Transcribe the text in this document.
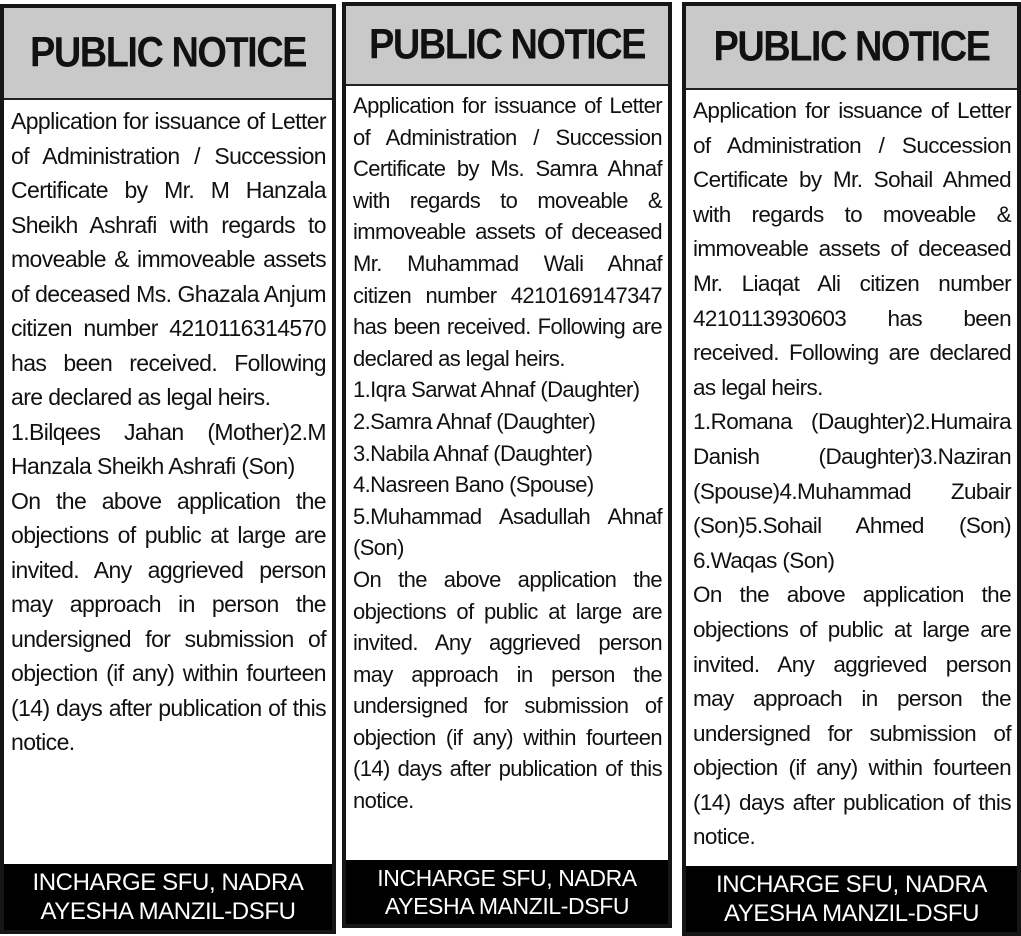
PUBLIC NOTICE

Application for issuance of Letter of Administration / Succession Certificate by Mr. M Hanzala Sheikh Ashrafi with regards to moveable & immoveable assets of deceased Ms. Ghazala Anjum citizen number 4210116314570 has been received. Following are declared as legal heirs.

1.Bilqees Jahan (Mother)2.M Hanzala Sheikh Ashrafi (Son)

On the above application the objections of public at large are invited. Any aggrieved person may approach in person the undersigned for submission of objection (if any) within fourteen (14) days after publication of this notice.

INCHARGE SFU, NADRA
AYESHA MANZIL-DSFU
PUBLIC NOTICE

Application for issuance of Letter of Administration / Succession Certificate by Ms. Samra Ahnaf with regards to moveable & immoveable assets of deceased Mr. Muhammad Wali Ahnaf citizen number 4210169147347 has been received. Following are declared as legal heirs.

1.Iqra Sarwat Ahnaf (Daughter)
2.Samra Ahnaf (Daughter)
3.Nabila Ahnaf (Daughter)
4.Nasreen Bano (Spouse)
5.Muhammad Asadullah Ahnaf (Son)

On the above application the objections of public at large are invited. Any aggrieved person may approach in person the undersigned for submission of objection (if any) within fourteen (14) days after publication of this notice.

INCHARGE SFU, NADRA
AYESHA MANZIL-DSFU
PUBLIC NOTICE

Application for issuance of Letter of Administration / Succession Certificate by Mr. Sohail Ahmed with regards to moveable & immoveable assets of deceased Mr. Liaqat Ali citizen number 4210113930603 has been received. Following are declared as legal heirs.

1.Romana (Daughter)2.Humaira Danish (Daughter)3.Naziran (Spouse)4.Muhammad Zubair (Son)5.Sohail Ahmed (Son) 6.Waqas (Son)

On the above application the objections of public at large are invited. Any aggrieved person may approach in person the undersigned for submission of objection (if any) within fourteen (14) days after publication of this notice.

INCHARGE SFU, NADRA
AYESHA MANZIL-DSFU
